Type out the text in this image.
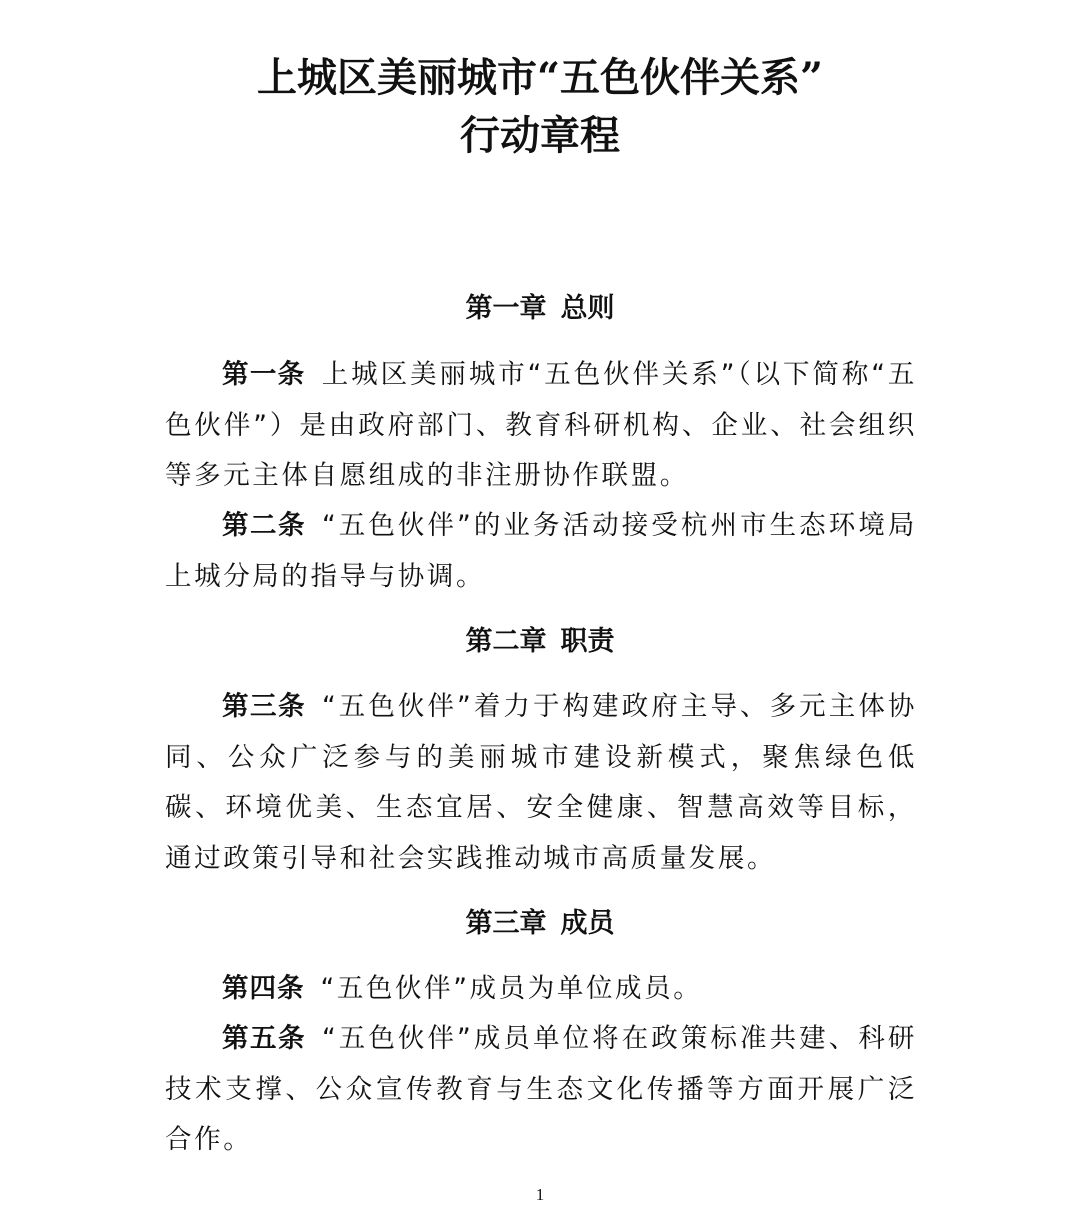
上城区美丽城市“五色伙伴关系”
行动章程
第一章 总则
第一条 上城区美丽城市“五色伙伴关系”（以下简称“五色伙伴”）是由政府部门、教育科研机构、企业、社会组织等多元主体自愿组成的非注册协作联盟。
第二条 “五色伙伴”的业务活动接受杭州市生态环境局上城分局的指导与协调。
第二章 职责
第三条 “五色伙伴”着力于构建政府主导、多元主体协同、公众广泛参与的美丽城市建设新模式，聚焦绿色低碳、环境优美、生态宜居、安全健康、智慧高效等目标，通过政策引导和社会实践推动城市高质量发展。
第三章 成员
第四条 “五色伙伴”成员为单位成员。
第五条 “五色伙伴”成员单位将在政策标准共建、科研技术支撑、公众宣传教育与生态文化传播等方面开展广泛合作。
1
